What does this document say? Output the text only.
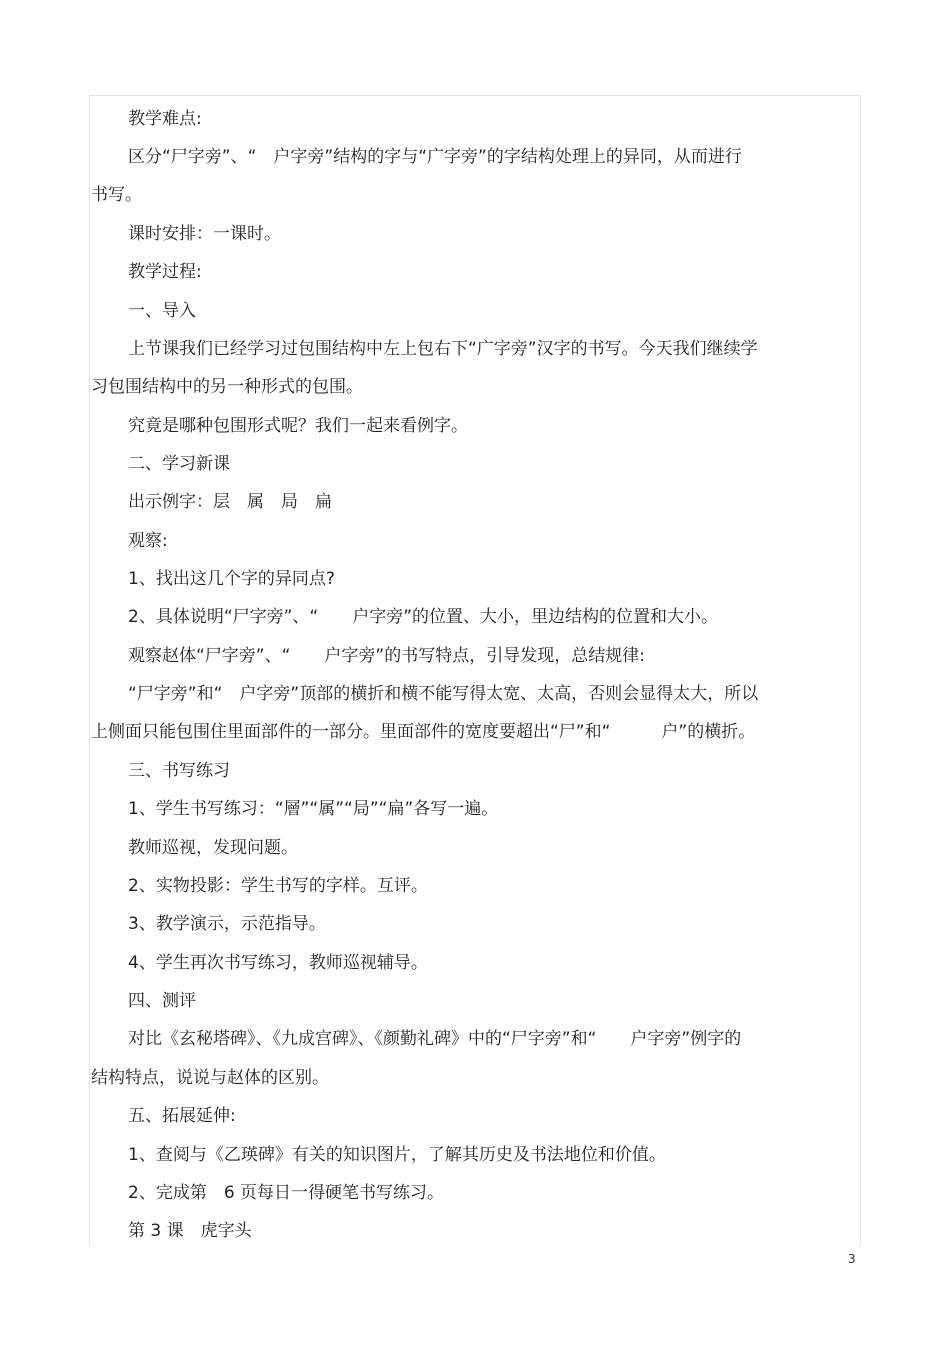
教学难点:
区分“尸字旁”、“　户字旁”结构的字与“广字旁”的字结构处理上的异同，从而进行
书写。
课时安排：一课时。
教学过程:
一、导入
上节课我们已经学习过包围结构中左上包右下“广字旁”汉字的书写。今天我们继续学
习包围结构中的另一种形式的包围。
究竟是哪种包围形式呢？我们一起来看例字。
二、学习新课
出示例字：层　属　局　扁
观察:
1、找出这几个字的异同点?
2、具体说明“尸字旁”、“　　户字旁”的位置、大小，里边结构的位置和大小。
观察赵体“尸字旁”、“　　户字旁”的书写特点，引导发现，总结规律:
“尸字旁”和“　户字旁”顶部的横折和横不能写得太宽、太高，否则会显得太大，所以
上侧面只能包围住里面部件的一部分。里面部件的宽度要超出“尸”和“　　　户”的横折。
三、书写练习
1、学生书写练习：“層”“属”“局”“扁”各写一遍。
教师巡视，发现问题。
2、实物投影：学生书写的字样。互评。
3、教学演示，示范指导。
4、学生再次书写练习，教师巡视辅导。
四、测评
对比《玄秘塔碑》、《九成宫碑》、《颜勤礼碑》中的“尸字旁”和“　　户字旁”例字的
结构特点，说说与赵体的区别。
五、拓展延伸:
1、查阅与《乙瑛碑》有关的知识图片，了解其历史及书法地位和价值。
2、完成第　6 页每日一得硬笔书写练习。
第 3 课　虎字头
3
